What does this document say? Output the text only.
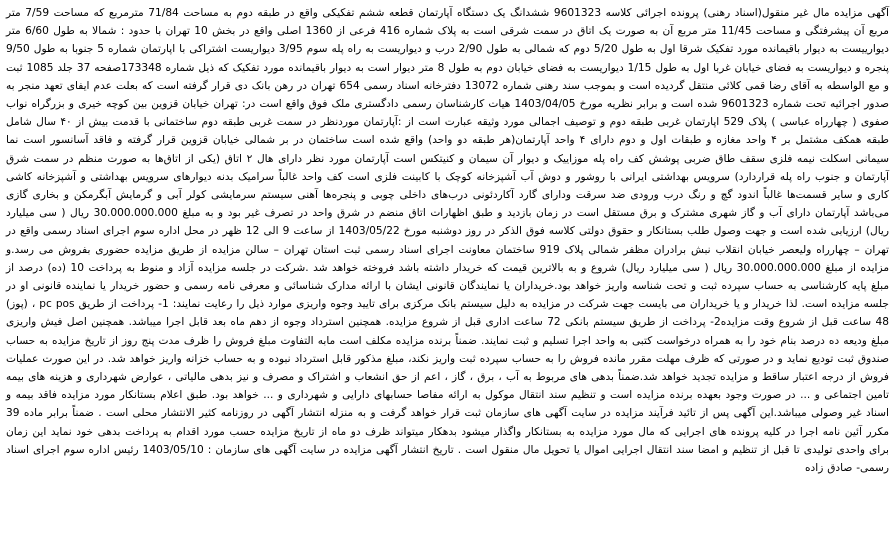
آگهی مزایده مال غیر منقول(اسناد رهنی) پرونده اجرائی کلاسه 9601323 ششدانگ یک دستگاه آپارتمان قطعه ششم تفکیکی واقع در طبقه دوم به مساحت 71/84 مترمربع که مساحت 7/59 متر مربع آن پیشرفتگی و مساحت 11/45 متر مربع آن به صورت یک اتاق در سمت شرقی است به پلاک شماره 416 فرعی از 1360 اصلی واقع در بخش 10 تهران با حدود : شمالا به طول 6/60 متر دیوارییست به دیوار باقیمانده مورد تفکیک شرقا اول به طول 5/20 دوم که شمالی به طول 2/90 درب و دیواریست به راه پله سوم 3/95 دیواریست اشتراکی با اپارتمان شماره 5 جنوبا به طول 9/50 پنجره و دیواریست به فضای خیابان غربا اول به طول 1/15 دیواریست به فضای خیابان دوم به طول 8 متر دیوار است به دیوار باقیمانده مورد تفکیک که ذیل شماره 173348صفحه 37 جلد 1085 ثبت و مع الواسطه به آقای رضا قمی کلائی منتقل گردیده است و بموجب سند رهنی شماره 13072 دفترخانه اسناد رسمی 654 تهران در رهن بانک دی قرار گرفته است که بعلت عدم ایفای تعهد منجر به صدور اجرائیه تحت شماره 9601323 شده است و برابر نظریه مورخ 1403/04/05 هیات کارشناسان رسمی دادگستری ملک فوق واقع است در: تهران خیابان قزوین بین کوچه خیری و بزرگراه نواب صفوی ( چهارراه عباسی ) پلاک 529 اپارتمان غربی طبقه دوم و توصیف اجمالی مورد وثیقه عبارت است از :آپارتمان موردنظر در سمت غربی طبقه دوم ساختمانی با قدمت بیش از ۴۰ سال شامل طبقه همکف مشتمل بر ۴ واحد مغازه و طبقات اول و دوم دارای ۴ واحد آپارتمان(هر طبقه دو واحد) واقع شده است ساختمان در بر شمالی خیابان قزوین قرار گرفته و فاقد آسانسور است نما سیمانی اسکلت نیمه فلزی سقف طاق ضربی پوشش کف راه پله موزاییک و دیوار آن سیمان و کنیتکس است آپارتمان مورد نظر دارای هال ۲ اتاق (یکی از اتاق‌ها به صورت منظم در سمت شرق آپارتمان و جنوب راه پله قراردارد) سرویس بهداشتی ایرانی با روشور و دوش آب آشپزخانه کوچک با کابینت فلزی است کف واحد غالباً سرامیک بدنه دیوارهای سرویس بهداشتی و آشپزخانه کاشی کاری و سایر قسمت‌ها غالباً اندود گچ و رنگ درب ورودی ضد سرقت ودارای گارد آکاردئونی درب‌های داخلی چوبی و پنجره‌ها آهنی سیستم سرمایشی کولر آبی و گرمایش آبگرمکن و بخاری گازی می‌باشد آپارتمان دارای آب و گاز شهری مشترک و برق مستقل است در زمان بازدید و طبق اظهارات اتاق منضم در شرق واحد در تصرف غیر بود و به مبلغ 30.000.000.000 ریال ( سی میلیارد ریال) ارزیابی شده است و جهت وصول طلب بستانکار و حقوق دولتی کلاسه فوق الذکر در روز دوشنبه مورخ 1403/05/22 از ساعت 9 الی 12 ظهر در محل اداره سوم اجرای اسناد رسمی واقع در تهران – چهارراه ولیعصر خیابان انقلاب نبش برادران مظفر شمالی پلاک 919 ساختمان معاونت اجرای اسناد رسمی ثبت استان تهران – سالن مزایده از طریق مزایده حضوری بفروش می رسد.و مزایده از مبلغ 30.000.000.000 ریال ( سی میلیارد ریال) شروع و به بالاترین قیمت که خریدار داشته باشد فروخته خواهد شد .شرکت در جلسه مزایده آزاد و منوط به پرداخت 10 (ده) درصد از مبلغ پایه کارشناسی به حساب سپرده ثبت و تحت شناسه واریز خواهد بود.خریداران یا نمایندگان قانونی ایشان با ارائه مدارک شناسائی و معرفی نامه رسمی و حضور خریدار یا نماینده قانونی او در جلسه مزایده است. لذا خریدار و یا خریداران می بایست جهت شرکت در مزایده به دلیل سیستم بانک مرکزی برای تایید وجوه واریزی موارد ذیل را رعایت نمایند: 1- پرداخت از طریق pc pos ، (پوز) 48 ساعت قبل از شروع وقت مزایده2- پرداخت از طریق سیستم بانکی 72 ساعت اداری قبل از شروع مزایده. همچنین استرداد وجوه از دهم ماه بعد قابل اجرا میباشد. همچنین اصل فیش واریزی مبلغ ودیعه ده درصد بنام خود را به همراه درخواست کتبی به واحد اجرا تسلیم و ثبت نمایند. ضمناً برنده مزایده مکلف است مابه التفاوت مبلغ فروش را ظرف مدت پنج روز از تاریخ مزایده به حساب صندوق ثبت تودیع نماید و در صورتی که ظرف مهلت مقرر مانده فروش را به حساب سپرده ثبت واریز نکند، مبلغ مذکور قابل استرداد نبوده و به حساب خزانه واریز خواهد شد. در این صورت عملیات فروش از درجه اعتبار ساقط و مزایده تجدید خواهد شد.ضمناً بدهی های مربوط به آب ، برق ، گاز ، اعم از حق انشعاب و اشتراک و مصرف و نیز بدهی مالیاتی ، عوارض شهرداری و هزینه های بیمه تامین اجتماعی و ... در صورت وجود بعهده برنده مزایده است و تنظیم سند انتقال موکول به ارائه مفاصا حسابهای دارایی و شهرداری و ... خواهد بود. طبق اعلام بستانکار مورد مزایده فاقد بیمه و اسناد غیر وصولی میباشد.این آگهی پس از تائید فرآیند مزایده در سایت آگهی های سازمان ثبت قرار خواهد گرفت و به منزله انتشار آگهی در روزنامه کثیر الانتشار محلی است . ضمناً برابر ماده 39 مکرر آئین نامه اجرا در کلیه پرونده های اجرایی که مال مورد مزایده به بستانکار واگذار میشود بدهکار میتواند ظرف دو ماه از تاریخ مزایده حسب مورد اقدام به پرداخت بدهی خود نماید این زمان برای واحدی تولیدی تا قبل از تنظیم و امضا سند انتقال اجرایی اموال یا تحویل مال منقول است . تاریخ انتشار آگهی مزایده در سایت آگهی های سازمان : 1403/05/10 رئیس اداره سوم اجرای اسناد رسمی- صادق زاده
